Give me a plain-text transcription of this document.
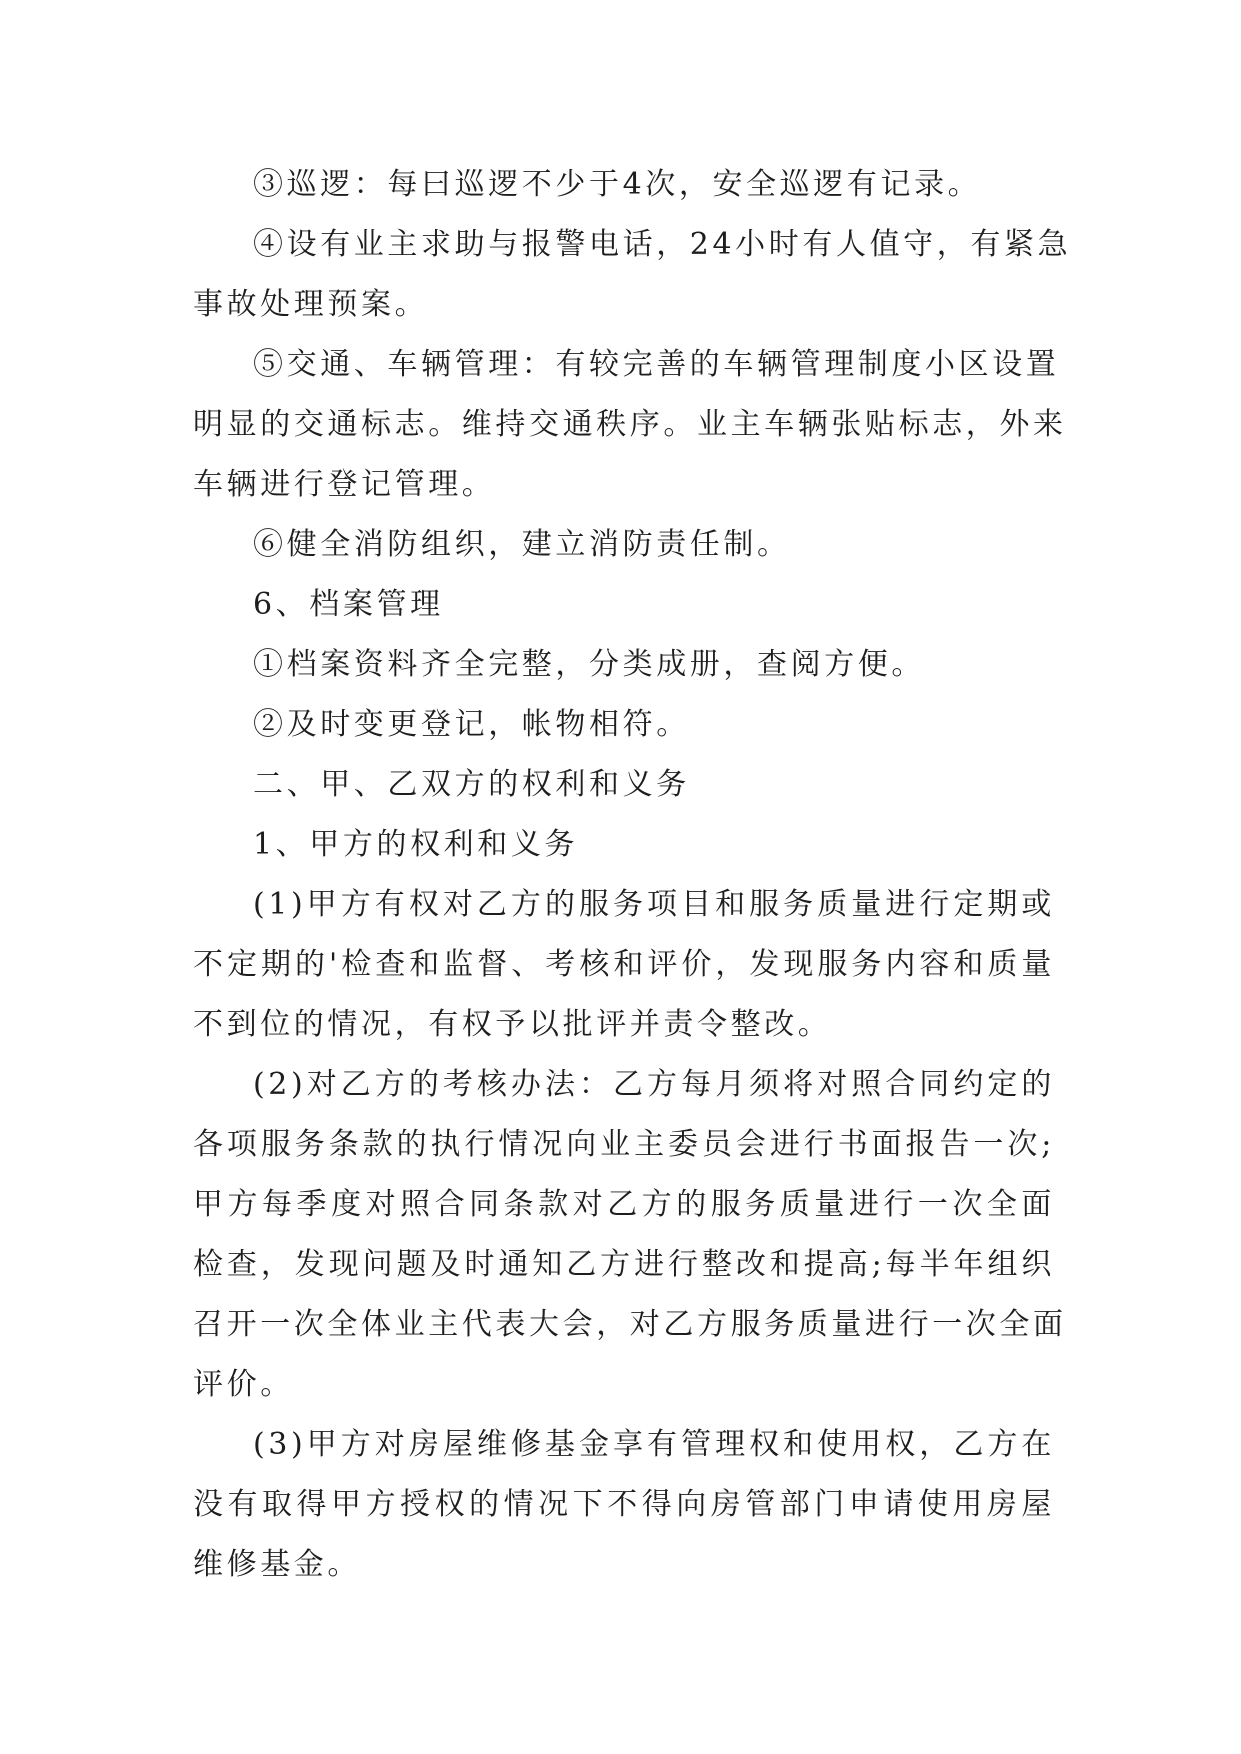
③巡逻：每曰巡逻不少于4次，安全巡逻有记录。
④设有业主求助与报警电话，24小时有人值守，有紧急
事故处理预案。
⑤交通、车辆管理：有较完善的车辆管理制度小区设置
明显的交通标志。维持交通秩序。业主车辆张贴标志，外来
车辆进行登记管理。
⑥健全消防组织，建立消防责任制。
6、档案管理
①档案资料齐全完整，分类成册，查阅方便。
②及时变更登记，帐物相符。
二、甲、乙双方的权利和义务
1、甲方的权利和义务
(1)甲方有权对乙方的服务项目和服务质量进行定期或
不定期的'检查和监督、考核和评价，发现服务内容和质量
不到位的情况，有权予以批评并责令整改。
(2)对乙方的考核办法：乙方每月须将对照合同约定的
各项服务条款的执行情况向业主委员会进行书面报告一次;
甲方每季度对照合同条款对乙方的服务质量进行一次全面
检查，发现问题及时通知乙方进行整改和提高;每半年组织
召开一次全体业主代表大会，对乙方服务质量进行一次全面
评价。
(3)甲方对房屋维修基金享有管理权和使用权，乙方在
没有取得甲方授权的情况下不得向房管部门申请使用房屋
维修基金。
